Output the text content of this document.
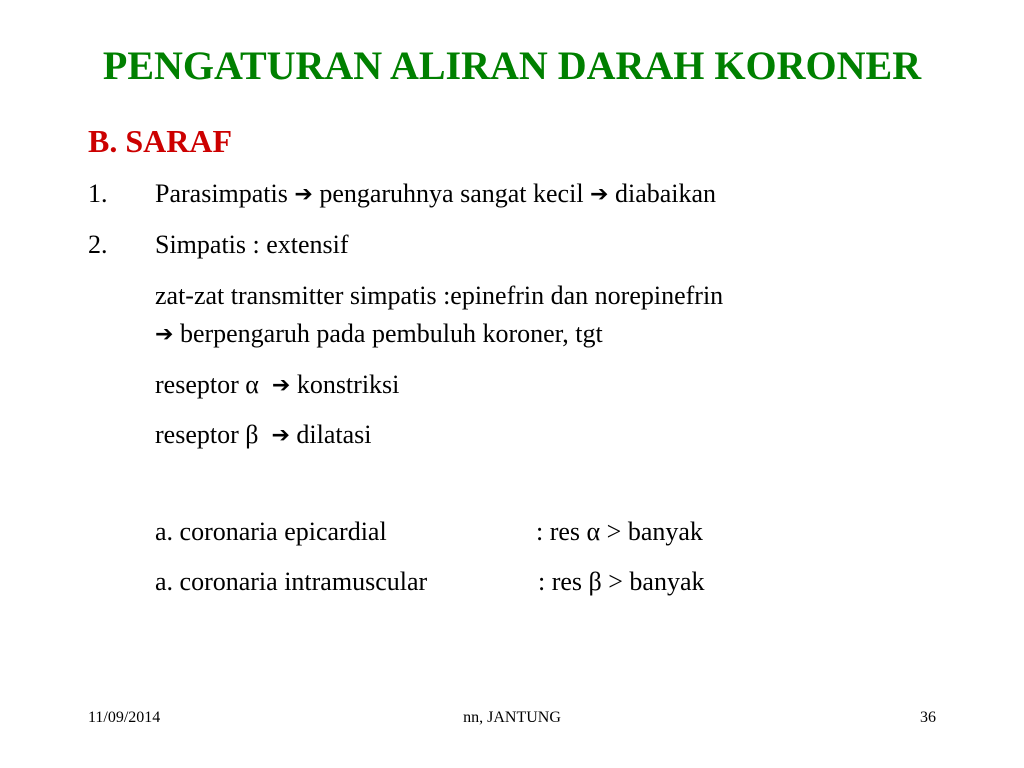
PENGATURAN ALIRAN DARAH KORONER
B. SARAF
1. Parasimpatis ➔ pengaruhnya sangat kecil ➔ diabaikan
2. Simpatis : extensif
zat-zat transmitter simpatis :epinefrin dan norepinefrin
➔ berpengaruh pada pembuluh koroner, tgt
reseptor α ➔ konstriksi
reseptor β ➔ dilatasi
a. coronaria epicardial	: res α > banyak
a. coronaria intramuscular	: res β > banyak
11/09/2014	nn, JANTUNG	36
